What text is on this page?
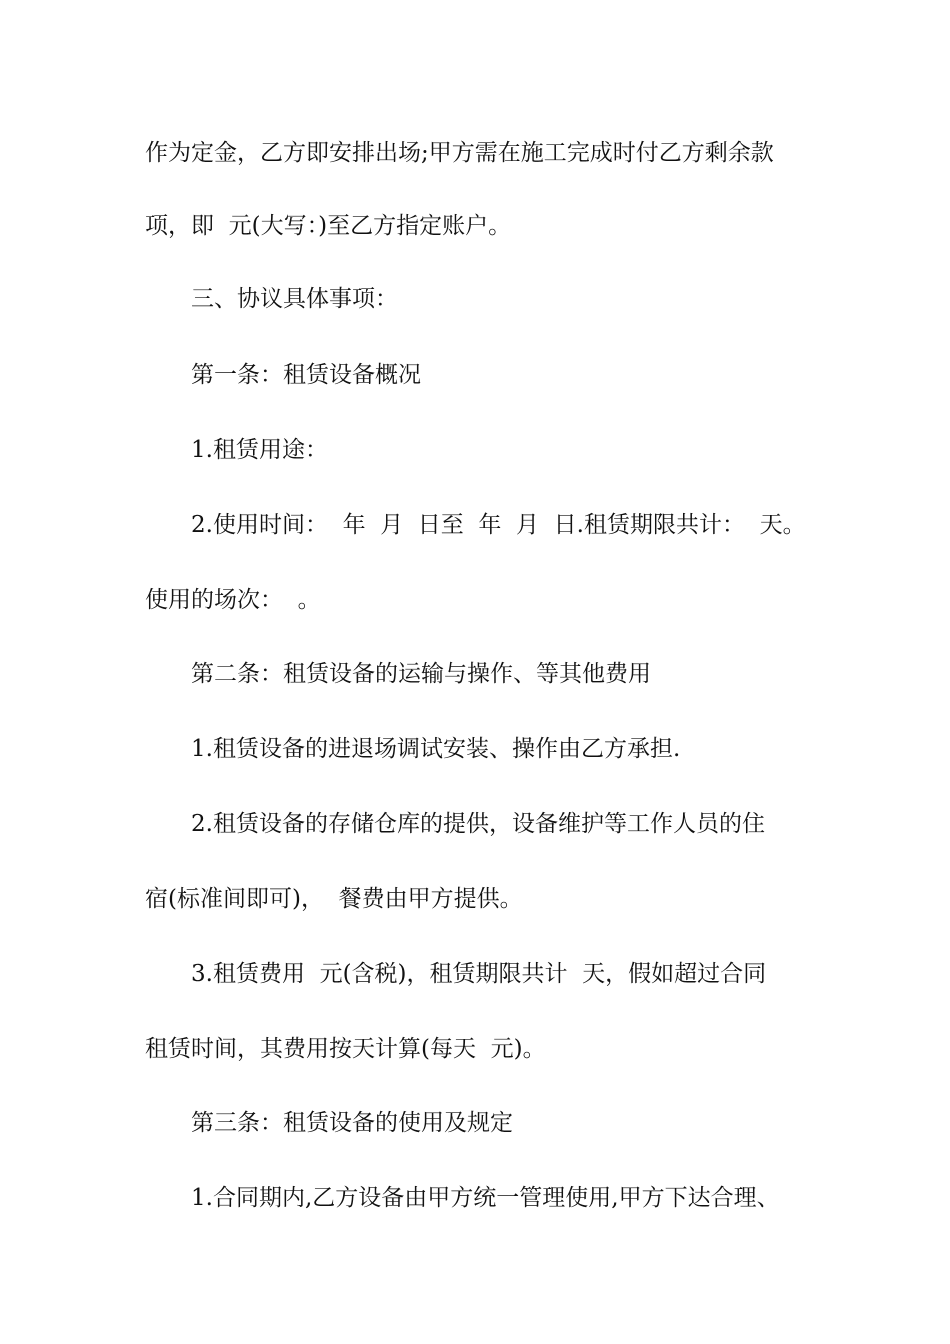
作为定金，乙方即安排出场;甲方需在施工完成时付乙方剩余款
项，即  元(大写：)至乙方指定账户。
三、协议具体事项：
第一条：租赁设备概况
1.租赁用途：
2.使用时间：  年  月  日至  年  月  日.租赁期限共计：  天。
使用的场次：  。
第二条：租赁设备的运输与操作、等其他费用
1.租赁设备的进退场调试安装、操作由乙方承担.
2.租赁设备的存储仓库的提供，设备维护等工作人员的住
宿(标准间即可)，  餐费由甲方提供。
3.租赁费用  元(含税)，租赁期限共计  天，假如超过合同
租赁时间，其费用按天计算(每天  元)。
第三条：租赁设备的使用及规定
1.合同期内,乙方设备由甲方统一管理使用,甲方下达合理、
